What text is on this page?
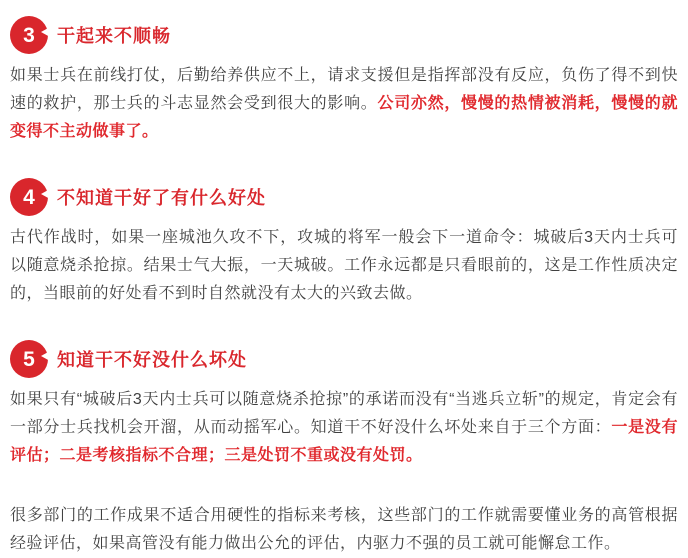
3 干起来不顺畅

如果士兵在前线打仗，后勤给养供应不上，请求支援但是指挥部没有反应，负伤了得不到快速的救护，那士兵的斗志显然会受到很大的影响。公司亦然，慢慢的热情被消耗，慢慢的就变得不主动做事了。

4 不知道干好了有什么好处

古代作战时，如果一座城池久攻不下，攻城的将军一般会下一道命令：城破后3天内士兵可以随意烧杀抢掠。结果士气大振，一天城破。工作永远都是只看眼前的，这是工作性质决定的，当眼前的好处看不到时自然就没有太大的兴致去做。

5 知道干不好没什么坏处

如果只有“城破后3天内士兵可以随意烧杀抢掠”的承诺而没有“当逃兵立斩”的规定，肯定会有一部分士兵找机会开溜，从而动摇军心。知道干不好没什么坏处来自于三个方面：一是没有评估；二是考核指标不合理；三是处罚不重或没有处罚。

很多部门的工作成果不适合用硬性的指标来考核，这些部门的工作就需要懂业务的高管根据经验评估，如果高管没有能力做出公允的评估，内驱力不强的员工就可能懈怠工作。
